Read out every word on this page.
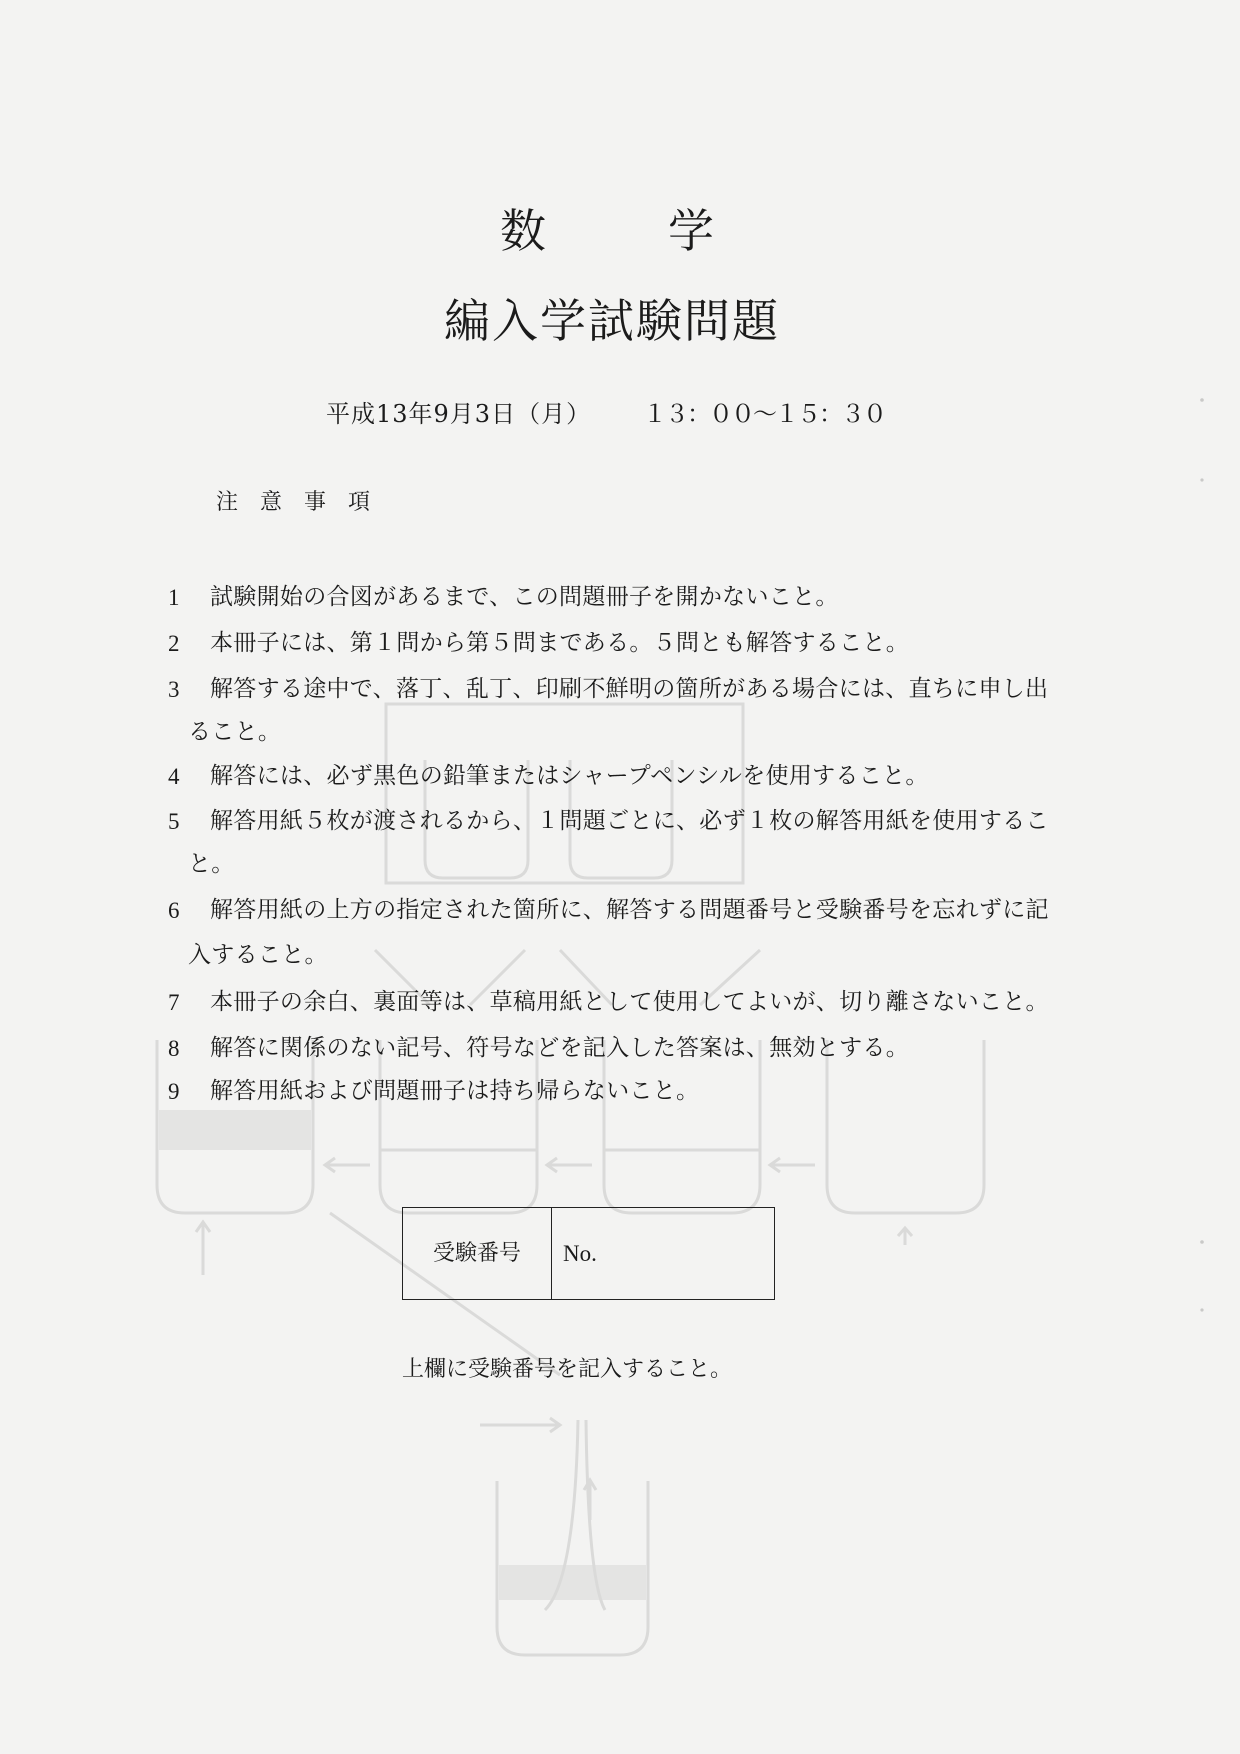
数　　学
編入学試験問題
平成13年9月3日（月） １３：００～１５：３０
注　意　事　項
1 試験開始の合図があるまで、この問題冊子を開かないこと。
2 本冊子には、第１問から第５問まである。５問とも解答すること。
3 解答する途中で、落丁、乱丁、印刷不鮮明の箇所がある場合には、直ちに申し出
ること。
4 解答には、必ず黒色の鉛筆またはシャープペンシルを使用すること。
5 解答用紙５枚が渡されるから、１問題ごとに、必ず１枚の解答用紙を使用するこ
と。
6 解答用紙の上方の指定された箇所に、解答する問題番号と受験番号を忘れずに記
入すること。
7 本冊子の余白、裏面等は、草稿用紙として使用してよいが、切り離さないこと。
8 解答に関係のない記号、符号などを記入した答案は、無効とする。
9 解答用紙および問題冊子は持ち帰らないこと。
受験番号	No.
上欄に受験番号を記入すること。
